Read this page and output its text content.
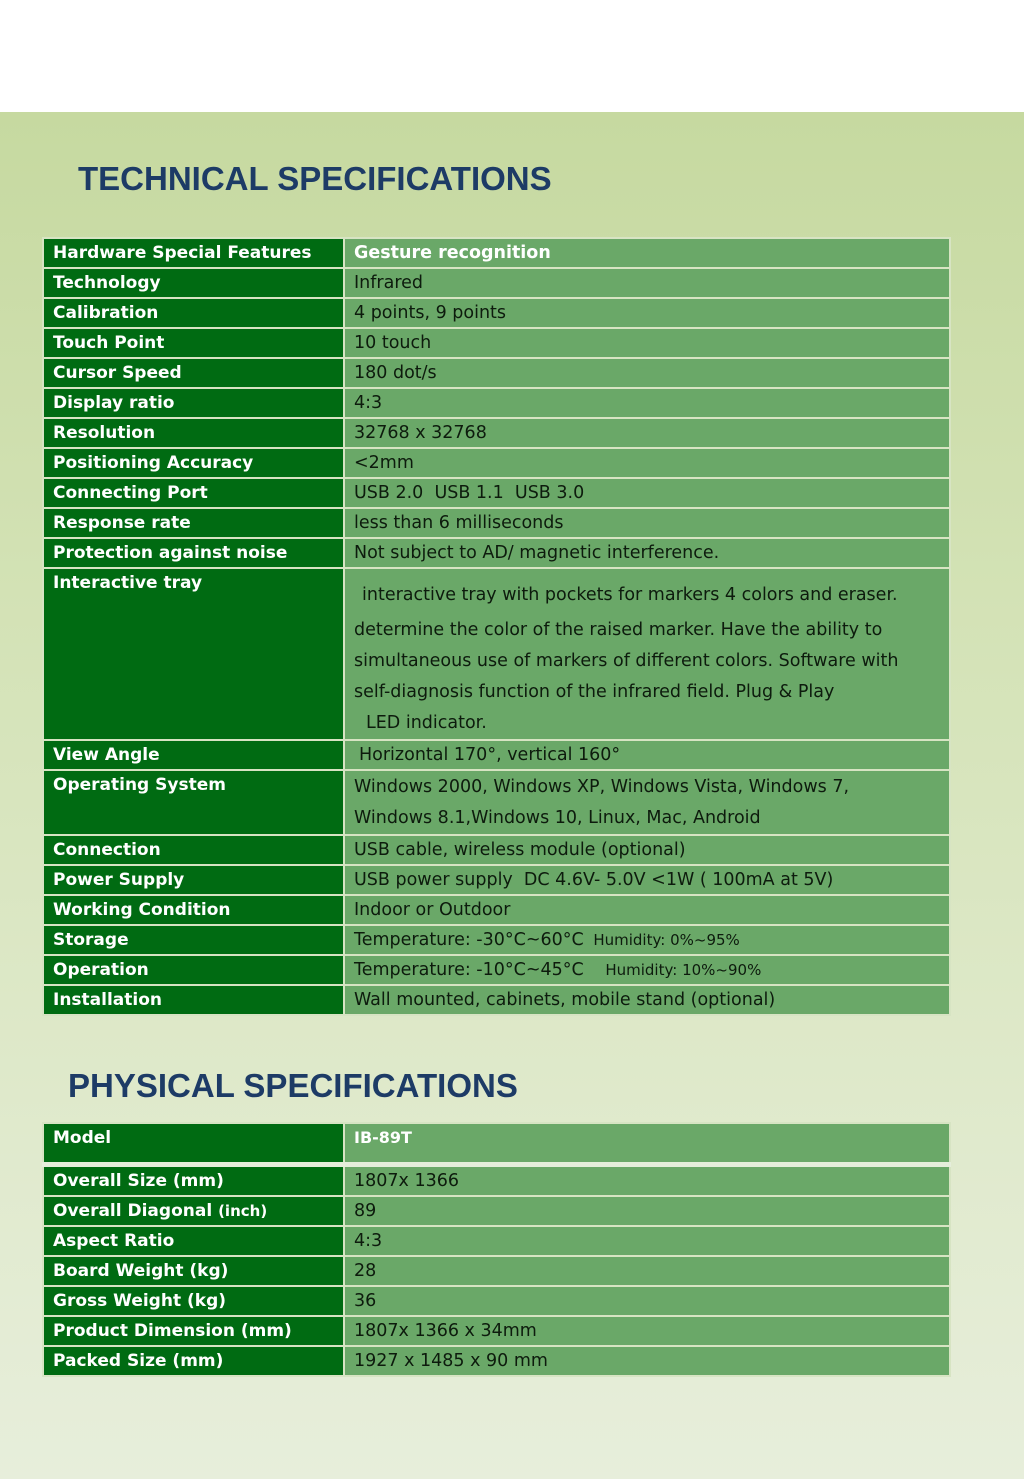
TECHNICAL SPECIFICATIONS
Hardware Special Features	Gesture recognition
Technology	Infrared
Calibration	4 points, 9 points
Touch Point	10 touch
Cursor Speed	180 dot/s
Display ratio	4:3
Resolution	32768 x 32768
Positioning Accuracy	<2mm
Connecting Port	USB 2.0  USB 1.1  USB 3.0
Response rate	less than 6 milliseconds
Protection against noise	Not subject to AD/ magnetic interference.
Interactive tray	interactive tray with pockets for markers 4 colors and eraser.
determine the color of the raised marker. Have the ability to
simultaneous use of markers of different colors. Software with
self-diagnosis function of the infrared field. Plug & Play
LED indicator.

View Angle	Horizontal 170°, vertical 160°
Operating System	Windows 2000, Windows XP, Windows Vista, Windows 7,
Windows 8.1,Windows 10, Linux, Mac, Android

Connection	USB cable, wireless module (optional)
Power Supply	USB power supply  DC 4.6V- 5.0V <1W ( 100mA at 5V)
Working Condition	Indoor or Outdoor
Storage	Temperature: -30°C~60°C Humidity: 0%~95%
Operation	Temperature: -10°C~45°C Humidity: 10%~90%
Installation	Wall mounted, cabinets, mobile stand (optional)
PHYSICAL SPECIFICATIONS
Model	IB-89T
Overall Size (mm)	1807x 1366
Overall Diagonal (inch)	89
Aspect Ratio	4:3
Board Weight (kg)	28
Gross Weight (kg)	36
Product Dimension (mm)	1807x 1366 x 34mm
Packed Size (mm)	1927 x 1485 x 90 mm
